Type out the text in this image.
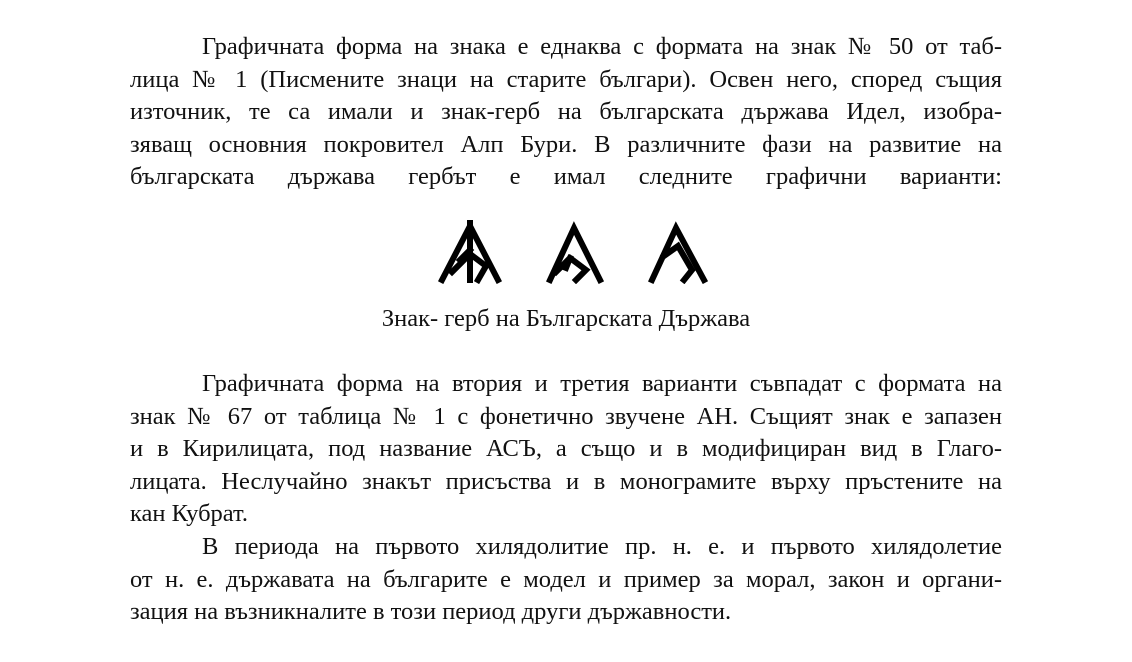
Графичната форма на знака е еднаква с формата на знак № 50 от таб-
лица № 1 (Писмените знаци на старите българи). Освен него, според същия
източник, те са имали и знак-герб на българската държава Идел, изобра-
зяващ основния покровител Алп Бури. В различните фази на развитие на
българската държава гербът е имал следните графични варианти:
Знак- герб на Българската Държава
Графичната форма на втория и третия варианти съвпадат с формата на
знак № 67 от таблица № 1 с фонетично звучене АН. Същият знак е запазен
и в Кирилицата, под название АСЪ, а също и в модифициран вид в Глаго-
лицата. Неслучайно знакът присъства и в монограмите върху пръстените на
кан Кубрат.
В периода на първото хилядолитие пр. н. е. и първото хилядолетие
от н. е. държавата на българите е модел и пример за морал, закон и органи-
зация на възникналите в този период други държавности.
